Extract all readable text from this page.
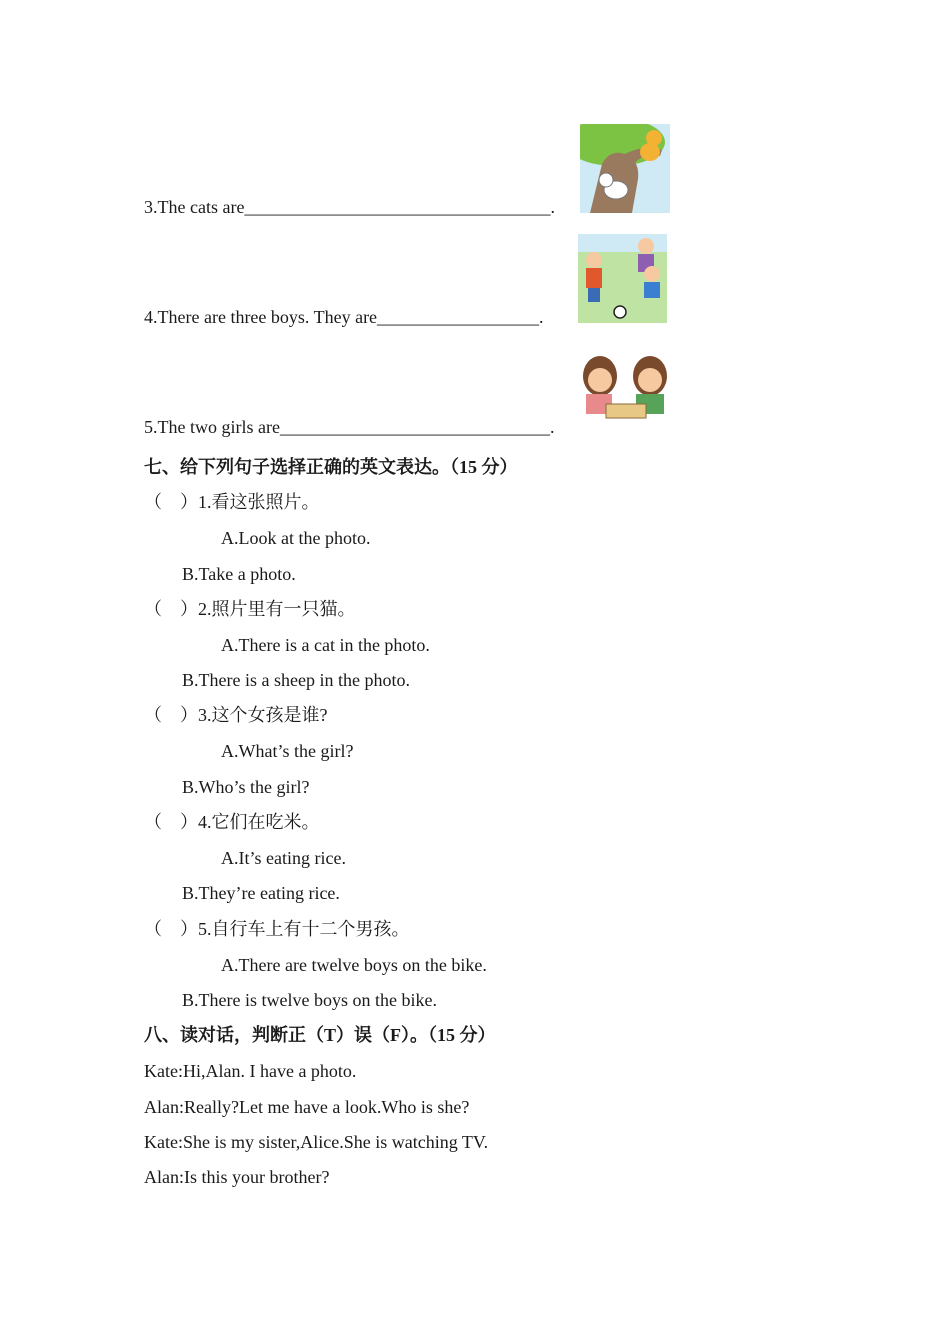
3.The cats are__________________________________.
4.There are three boys. They are__________________.
5.The two girls are______________________________.
七、给下列句子选择正确的英文表达。（15 分）
（    ）1.看这张照片。
A.Look at the photo.
B.Take a photo.
（    ）2.照片里有一只猫。
A.There is a cat in the photo.
B.There is a sheep in the photo.
（    ）3.这个女孩是谁?
A.What’s the girl?
B.Who’s the girl?
（    ）4.它们在吃米。
A.It’s eating rice.
B.They’re eating rice.
（    ）5.自行车上有十二个男孩。
A.There are twelve boys on the bike.
B.There is twelve boys on the bike.
八、读对话，判断正（T）误（F）。（15 分）
Kate:Hi,Alan. I have a photo.
Alan:Really?Let me have a look.Who is she?
Kate:She is my sister,Alice.She is watching TV.
Alan:Is this your brother?
